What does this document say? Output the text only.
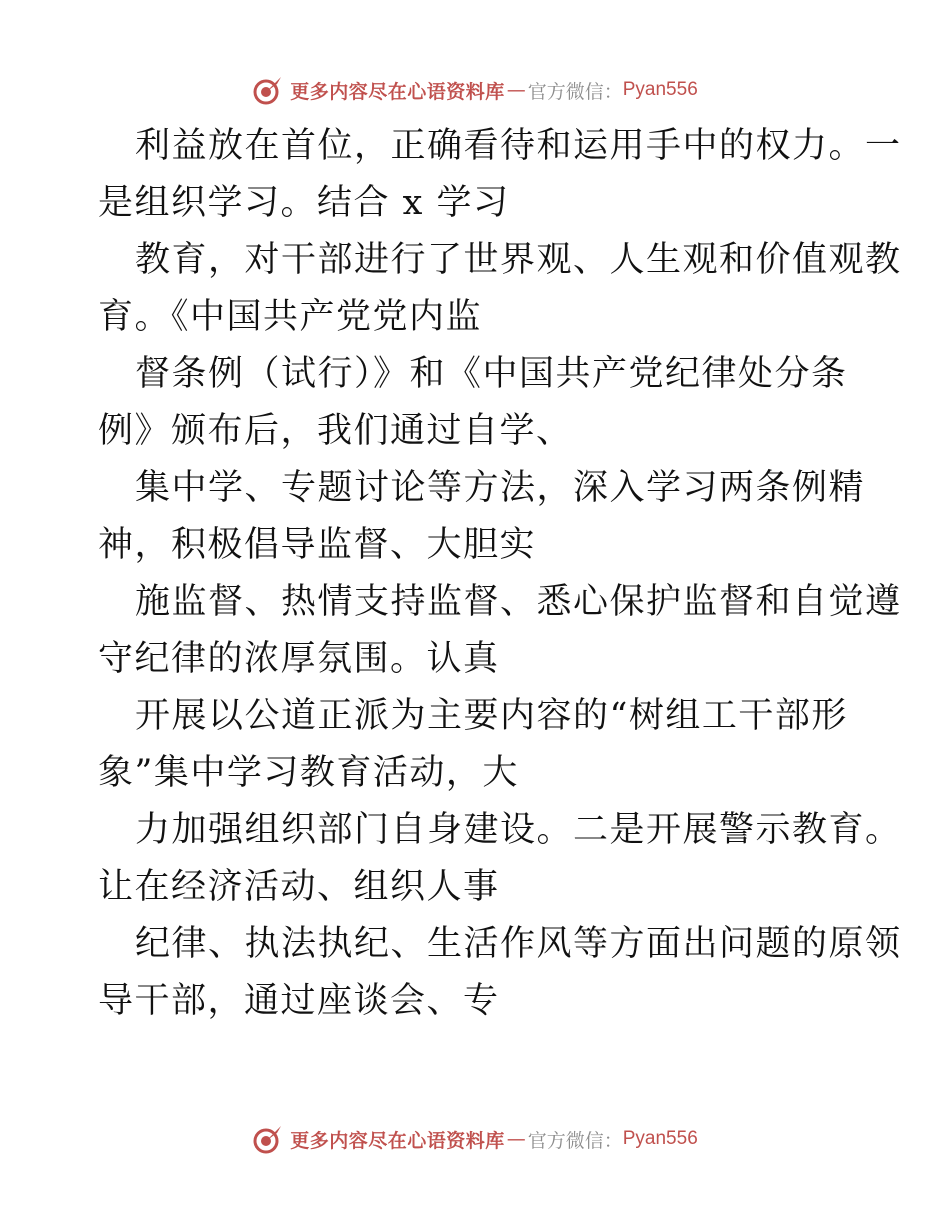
更多内容尽在心语资料库 — 官方微信： Pyan556

利益放在首位，正确看待和运用手中的权力。一
是组织学习。结合 x 学习

教育，对干部进行了世界观、人生观和价值观教
育。《中国共产党党内监

督条例（试行）》和《中国共产党纪律处分条
例》颁布后，我们通过自学、

集中学、专题讨论等方法，深入学习两条例精
神，积极倡导监督、大胆实

施监督、热情支持监督、悉心保护监督和自觉遵
守纪律的浓厚氛围。认真

开展以公道正派为主要内容的“树组工干部形
象”集中学习教育活动，大

力加强组织部门自身建设。二是开展警示教育。
让在经济活动、组织人事

纪律、执法执纪、生活作风等方面出问题的原领
导干部，通过座谈会、专

更多内容尽在心语资料库 — 官方微信： Pyan556
